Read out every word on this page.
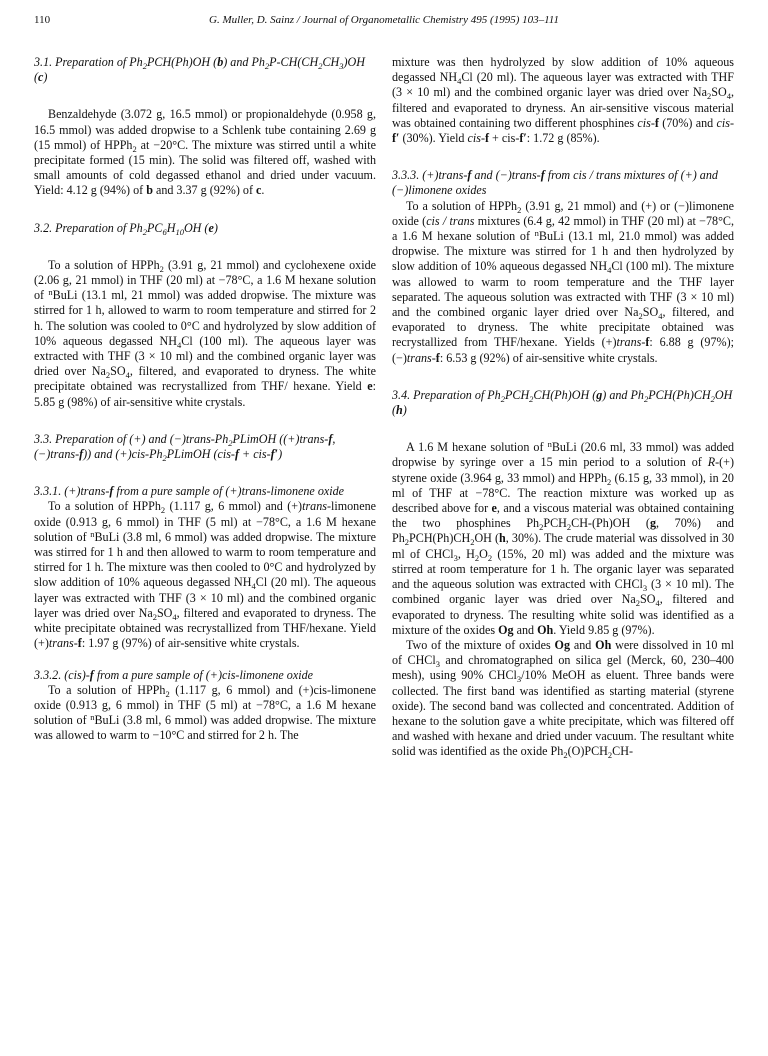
110	G. Muller, D. Sainz / Journal of Organometallic Chemistry 495 (1995) 103–111
3.1. Preparation of $Ph_2PCH(Ph)OH$ (b) and $Ph_2P-CH(CH_2CH_3)OH$ (c)

Benzaldehyde (3.072 g, 16.5 mmol) or propionaldehyde (0.958 g, 16.5 mmol) was added dropwise to a Schlenk tube containing 2.69 g (15 mmol) of HPPh$_2$ at −20°C. The mixture was stirred until a white precipitate formed (15 min). The solid was filtered off, washed with small amounts of cold degassed ethanol and dried under vacuum. Yield: 4.12 g (94%) of b and 3.37 g (92%) of c.

3.2. Preparation of $Ph_2PC_6H_{10}OH$ (e)

To a solution of HPPh$_2$ (3.91 g, 21 mmol) and cyclohexene oxide (2.06 g, 21 mmol) in THF (20 ml) at −78°C, a 1.6 M hexane solution of $^n$BuLi (13.1 ml, 21 mmol) was added dropwise. The mixture was stirred for 1 h, allowed to warm to room temperature and stirred for 2 h. The solution was cooled to 0°C and hydrolyzed by slow addition of 10% aqueous degassed $NH_4Cl$ (100 ml). The aqueous layer was extracted with THF (3 × 10 ml) and the combined organic layer was dried over $Na_2SO_4$, filtered, and evaporated to dryness. The white precipitate obtained was recrystallized from THF/ hexane. Yield e: 5.85 g (98%) of air-sensitive white crystals.

3.3. Preparation of (+) and $(-)trans-Ph_2PLimOH$ ((+)trans-f, (−)trans-f)) and $(+)cis-Ph_2PLimOH$ (cis-f + cis-f′)
3.3.1. (+)trans-f from a pure sample of (+)trans-limonene oxide

To a solution of HPPh$_2$ (1.117 g, 6 mmol) and (+)trans-limonene oxide (0.913 g, 6 mmol) in THF (5 ml) at −78°C, a 1.6 M hexane solution of $^n$BuLi (3.8 ml, 6 mmol) was added dropwise. The mixture was stirred for 1 h and then allowed to warm to room temperature and stirred for 1 h. The mixture was then cooled to 0°C and hydrolyzed by slow addition of 10% aqueous degassed $NH_4Cl$ (20 ml). The aqueous layer was extracted with THF (3 × 10 ml) and the combined organic layer was dried over $Na_2SO_4$, filtered and evaporated to dryness. The white precipitate obtained was recrystallized from THF/hexane. Yield (+)trans-f: 1.97 g (97%) of air-sensitive white crystals.

3.3.2. (cis)-f from a pure sample of (+)cis-limonene oxide

To a solution of HPPh$_2$ (1.117 g, 6 mmol) and (+)cis-limonene oxide (0.913 g, 6 mmol) in THF (5 ml) at −78°C, a 1.6 M hexane solution of $^n$BuLi (3.8 ml, 6 mmol) was added dropwise. The mixture was allowed to warm to −10°C and stirred for 2 h. The

mixture was then hydrolyzed by slow addition of 10% aqueous degassed $NH_4Cl$ (20 ml). The aqueous layer was extracted with THF (3 × 10 ml) and the combined organic layer was dried over $Na_2SO_4$, filtered and evaporated to dryness. An air-sensitive viscous material was obtained containing two different phosphines cis-f (70%) and cis-f′ (30%). Yield cis-f + cis-f′: 1.72 g (85%).

3.3.3. (+)trans-f and (−)trans-f from cis / trans mixtures of (+) and (−)limonene oxides

To a solution of HPPh$_2$ (3.91 g, 21 mmol) and (+) or (−)limonene oxide (cis / trans mixtures (6.4 g, 42 mmol) in THF (20 ml) at −78°C, a 1.6 M hexane solution of $^n$BuLi (13.1 ml, 21.0 mmol) was added dropwise. The mixture was stirred for 1 h and then hydrolyzed by slow addition of 10% aqueous degassed $NH_4Cl$ (100 ml). The mixture was allowed to warm to room temperature and the THF layer separated. The aqueous solution was extracted with THF (3 × 10 ml) and the combined organic layer dried over $Na_2SO_4$, filtered, and evaporated to dryness. The white precipitate obtained was recrystallized from THF/hexane. Yields (+)trans-f: 6.88 g (97%); (−)trans-f: 6.53 g (92%) of air-sensitive white crystals.

3.4. Preparation of $Ph_2PCH_2CH(Ph)OH$ (g) and $Ph_2PCH(Ph)CH_2OH$ (h)

A 1.6 M hexane solution of $^n$BuLi (20.6 ml, 33 mmol) was added dropwise by syringe over a 15 min period to a solution of R-(+) styrene oxide (3.964 g, 33 mmol) and HPPh$_2$ (6.15 g, 33 mmol), in 20 ml of THF at −78°C. The reaction mixture was worked up as described above for e, and a viscous material was obtained containing the two phosphines $Ph_2PCH_2CH-(Ph)OH$ (g, 70%) and $Ph_2PCH(Ph)CH_2OH$ (h, 30%). The crude material was dissolved in 30 ml of CHCl$_3$, $H_2O_2$ (15%, 20 ml) was added and the mixture was stirred at room temperature for 1 h. The organic layer was separated and the aqueous solution was extracted with CHCl$_3$ (3 × 10 ml). The combined organic layer was dried over $Na_2SO_4$, filtered and evaporated to dryness. The resulting white solid was identified as a mixture of the oxides Og and Oh. Yield 9.85 g (97%).

Two of the mixture of oxides Og and Oh were dissolved in 10 ml of CHCl$_3$ and chromatographed on silica gel (Merck, 60, 230–400 mesh), using 90% CHCl$_3$/10% MeOH as eluent. Three bands were collected. The first band was identified as starting material (styrene oxide). The second band was collected and concentrated. Addition of hexane to the solution gave a white precipitate, which was filtered off and washed with hexane and dried under vacuum. The resultant white solid was identified as the oxide $Ph_2(O)PCH_2CH-$
